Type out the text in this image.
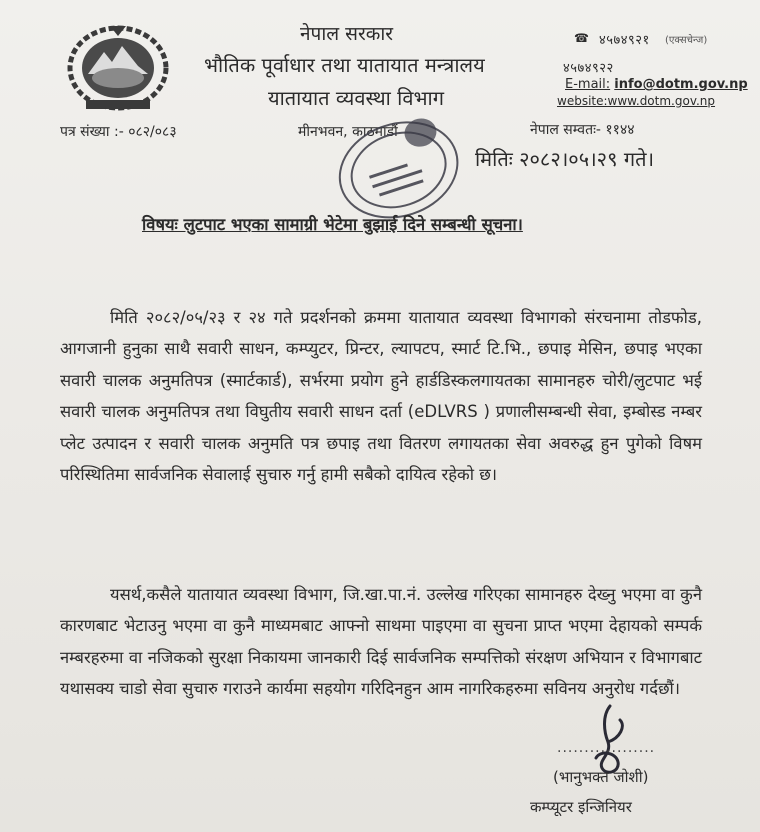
नेपाल सरकार
भौतिक पूर्वाधार तथा यातायात मन्त्रालय
यातायात व्यवस्था विभाग
☎ ४५७४९२१ (एक्सचेन्ज)
४५७४९२२
E-mail: info@dotm.gov.np
website:www.dotm.gov.np
पत्र संख्या :- ०८२/०८३	मीनभवन, काठमाडौं	नेपाल सम्वतः- ११४४
मितिः २०८२।०५।२९ गते।
विषयः लुटपाट भएका सामाग्री भेटेमा बुझाई दिने सम्बन्धी सूचना।

मिति २०८२/०५/२३ र २४ गते प्रदर्शनको क्रममा यातायात व्यवस्था विभागको संरचनामा तोडफोड, आगजानी हुनुका साथै सवारी साधन, कम्प्युटर, प्रिन्टर, ल्यापटप, स्मार्ट टि.भि., छपाइ मेसिन, छपाइ भएका सवारी चालक अनुमतिपत्र (स्मार्टकार्ड), सर्भरमा प्रयोग हुने हार्डडिस्कलगायतका सामानहरु चोरी/लुटपाट भई सवारी चालक अनुमतिपत्र तथा विघुतीय सवारी साधन दर्ता (eDLVRS ) प्रणालीसम्बन्धी सेवा, इम्बोस्ड नम्बर प्लेट उत्पादन र सवारी चालक अनुमति पत्र छपाइ तथा वितरण लगायतका सेवा अवरुद्ध हुन पुगेको विषम परिस्थितिमा सार्वजनिक सेवालाई सुचारु गर्नु हामी सबैको दायित्व रहेको छ।

यसर्थ,कसैले यातायात व्यवस्था विभाग, जि.खा.पा.नं. उल्लेख गरिएका सामानहरु देख्नु भएमा वा कुनै कारणबाट भेटाउनु भएमा वा कुनै माध्यमबाट आफ्नो साथमा पाइएमा वा सुचना प्राप्त भएमा देहायको सम्पर्क नम्बरहरुमा वा नजिकको सुरक्षा निकायमा जानकारी दिई सार्वजनिक सम्पत्तिको संरक्षण अभियान र विभागबाट यथासक्य चाडो सेवा सुचारु गराउने कार्यमा सहयोग गरिदिनहुन आम नागरिकहरुमा सविनय अनुरोध गर्दछौं।

..................
(भानुभक्त जोशी)
कम्प्यूटर इन्जिनियर
